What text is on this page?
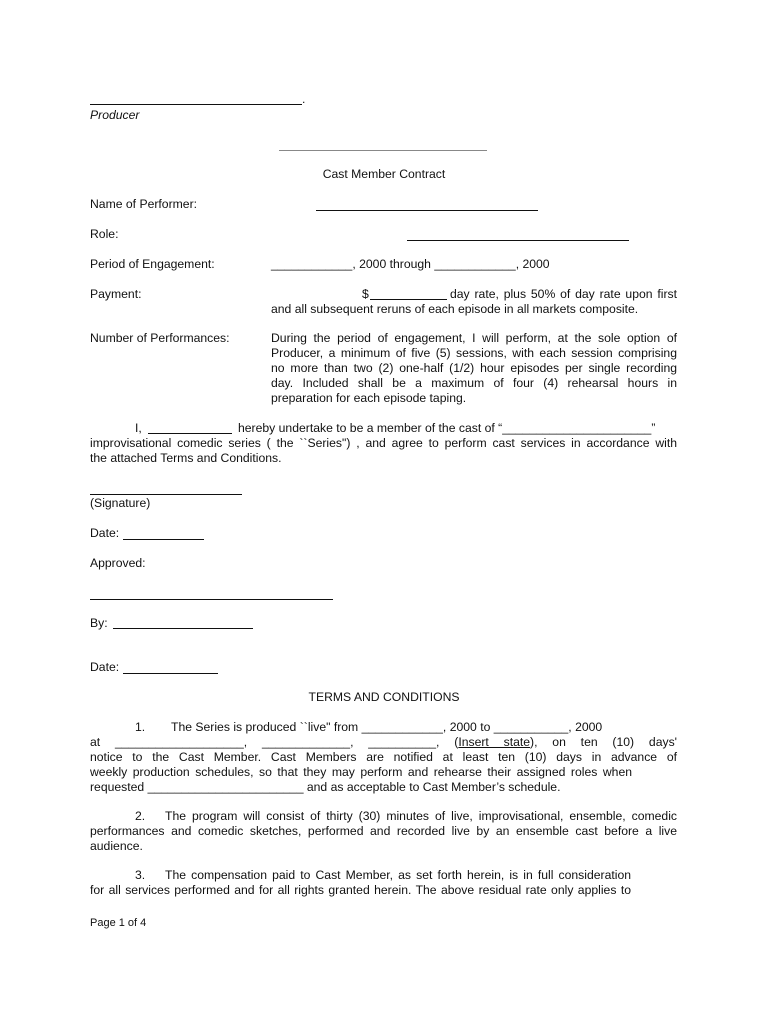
.
Producer
Cast Member Contract
Name of Performer:
Role:
Period of Engagement:	____________, 2000 through ____________, 2000
Payment:	$	day rate, plus 50% of day rate upon first
and all subsequent reruns of each episode in all markets composite.
Number of Performances:	During the period of engagement, I will perform, at the sole option of
Producer, a minimum of five (5) sessions, with each session comprising
no more than two (2) one-half (1/2) hour episodes per single recording
day. Included shall be a maximum of four (4) rehearsal hours in
preparation for each episode taping.
I,	hereby undertake to be a member of the cast of “______________________”
improvisational comedic series ( the ``Series") , and agree to perform cast services in accordance with
the attached Terms and Conditions.
(Signature)
Date:
Approved:
By:
Date:
TERMS AND CONDITIONS
1. The Series is produced ``live" from ____________, 2000 to ___________, 2000
at ___________________, _____________, __________, (Insert state), on ten (10) days'
notice to the Cast Member. Cast Members are notified at least ten (10) days in advance of
weekly production schedules, so that they may perform and rehearse their assigned roles when
requested _______________________ and as acceptable to Cast Member’s schedule.
2. The program will consist of thirty (30) minutes of live, improvisational, ensemble, comedic
performances and comedic sketches, performed and recorded live by an ensemble cast before a live
audience.
3. The compensation paid to Cast Member, as set forth herein, is in full consideration
for all services performed and for all rights granted herein. The above residual rate only applies to
Page 1 of 4
